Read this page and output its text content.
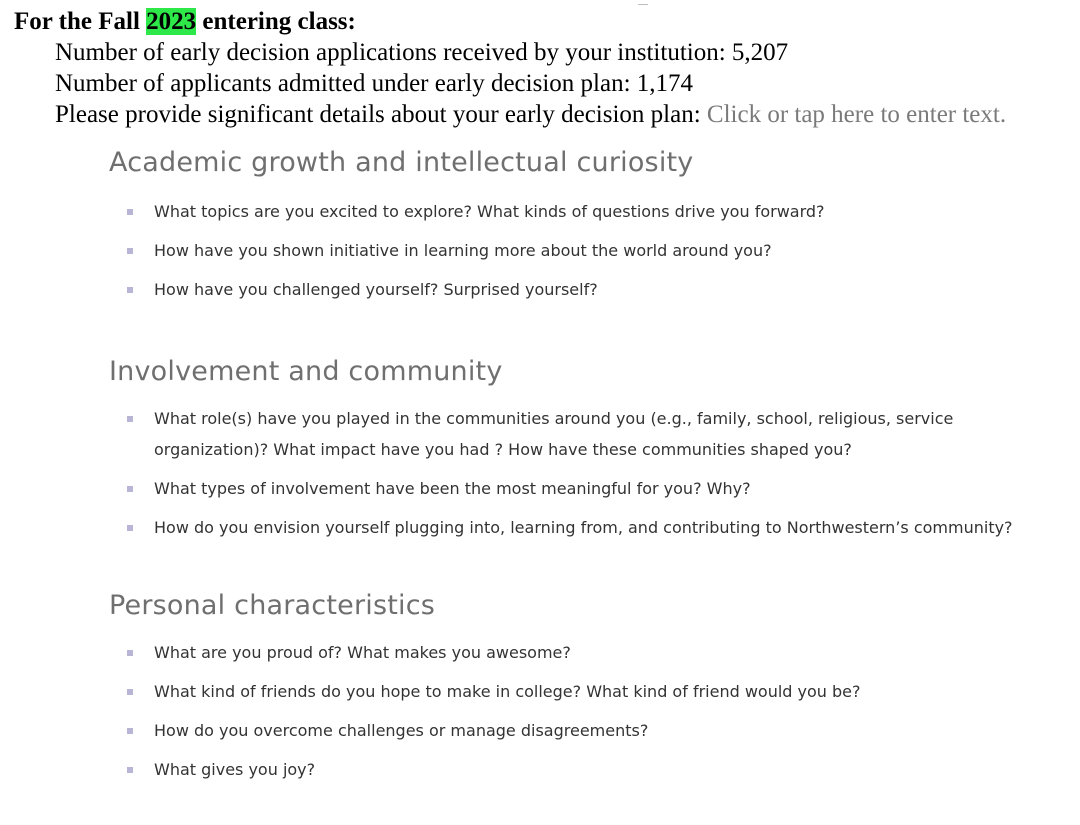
For the Fall 2023 entering class:
Number of early decision applications received by your institution: 5,207
Number of applicants admitted under early decision plan: 1,174
Please provide significant details about your early decision plan: Click or tap here to enter text.
Academic growth and intellectual curiosity
What topics are you excited to explore? What kinds of questions drive you forward?
How have you shown initiative in learning more about the world around you?
How have you challenged yourself? Surprised yourself?
Involvement and community
What role(s) have you played in the communities around you (e.g., family, school, religious, service organization)? What impact have you had ? How have these communities shaped you?
What types of involvement have been the most meaningful for you? Why?
How do you envision yourself plugging into, learning from, and contributing to Northwestern’s community?
Personal characteristics
What are you proud of? What makes you awesome?
What kind of friends do you hope to make in college? What kind of friend would you be?
How do you overcome challenges or manage disagreements?
What gives you joy?
